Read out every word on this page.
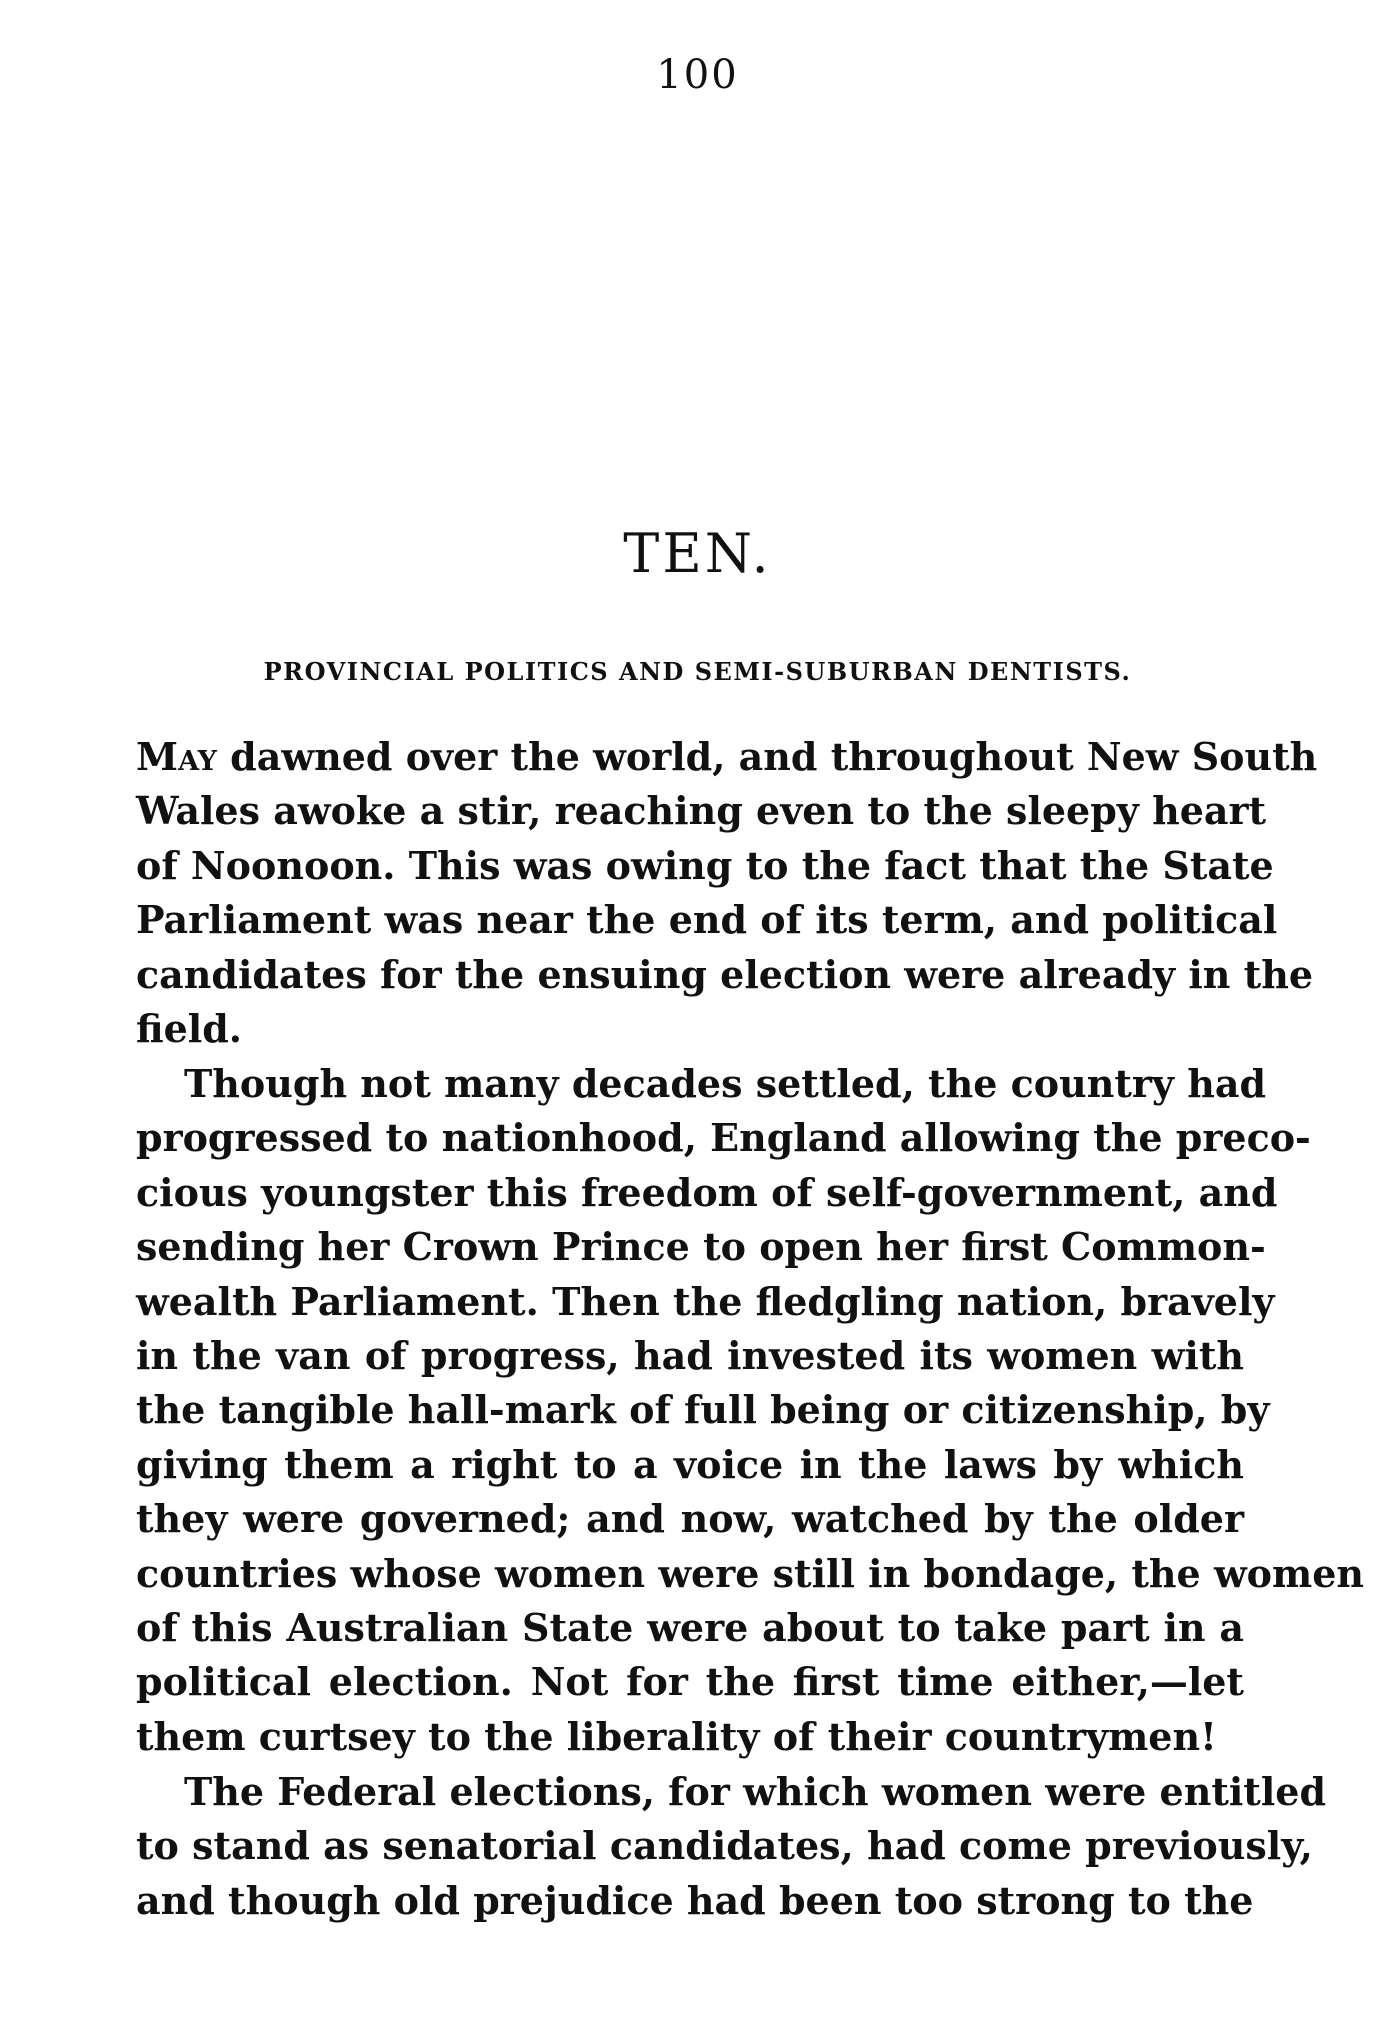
100
TEN.
PROVINCIAL POLITICS AND SEMI-SUBURBAN DENTISTS.
May dawned over the world, and throughout New South
Wales awoke a stir, reaching even to the sleepy heart
of Noonoon. This was owing to the fact that the State
Parliament was near the end of its term, and political
candidates for the ensuing election were already in the
field.
Though not many decades settled, the country had
progressed to nationhood, England allowing the preco-
cious youngster this freedom of self-government, and
sending her Crown Prince to open her first Common-
wealth Parliament. Then the fledgling nation, bravely
in the van of progress, had invested its women with
the tangible hall-mark of full being or citizenship, by
giving them a right to a voice in the laws by which
they were governed; and now, watched by the older
countries whose women were still in bondage, the women
of this Australian State were about to take part in a
political election. Not for the first time either,—let
them curtsey to the liberality of their countrymen!
The Federal elections, for which women were entitled
to stand as senatorial candidates, had come previously,
and though old prejudice had been too strong to the
